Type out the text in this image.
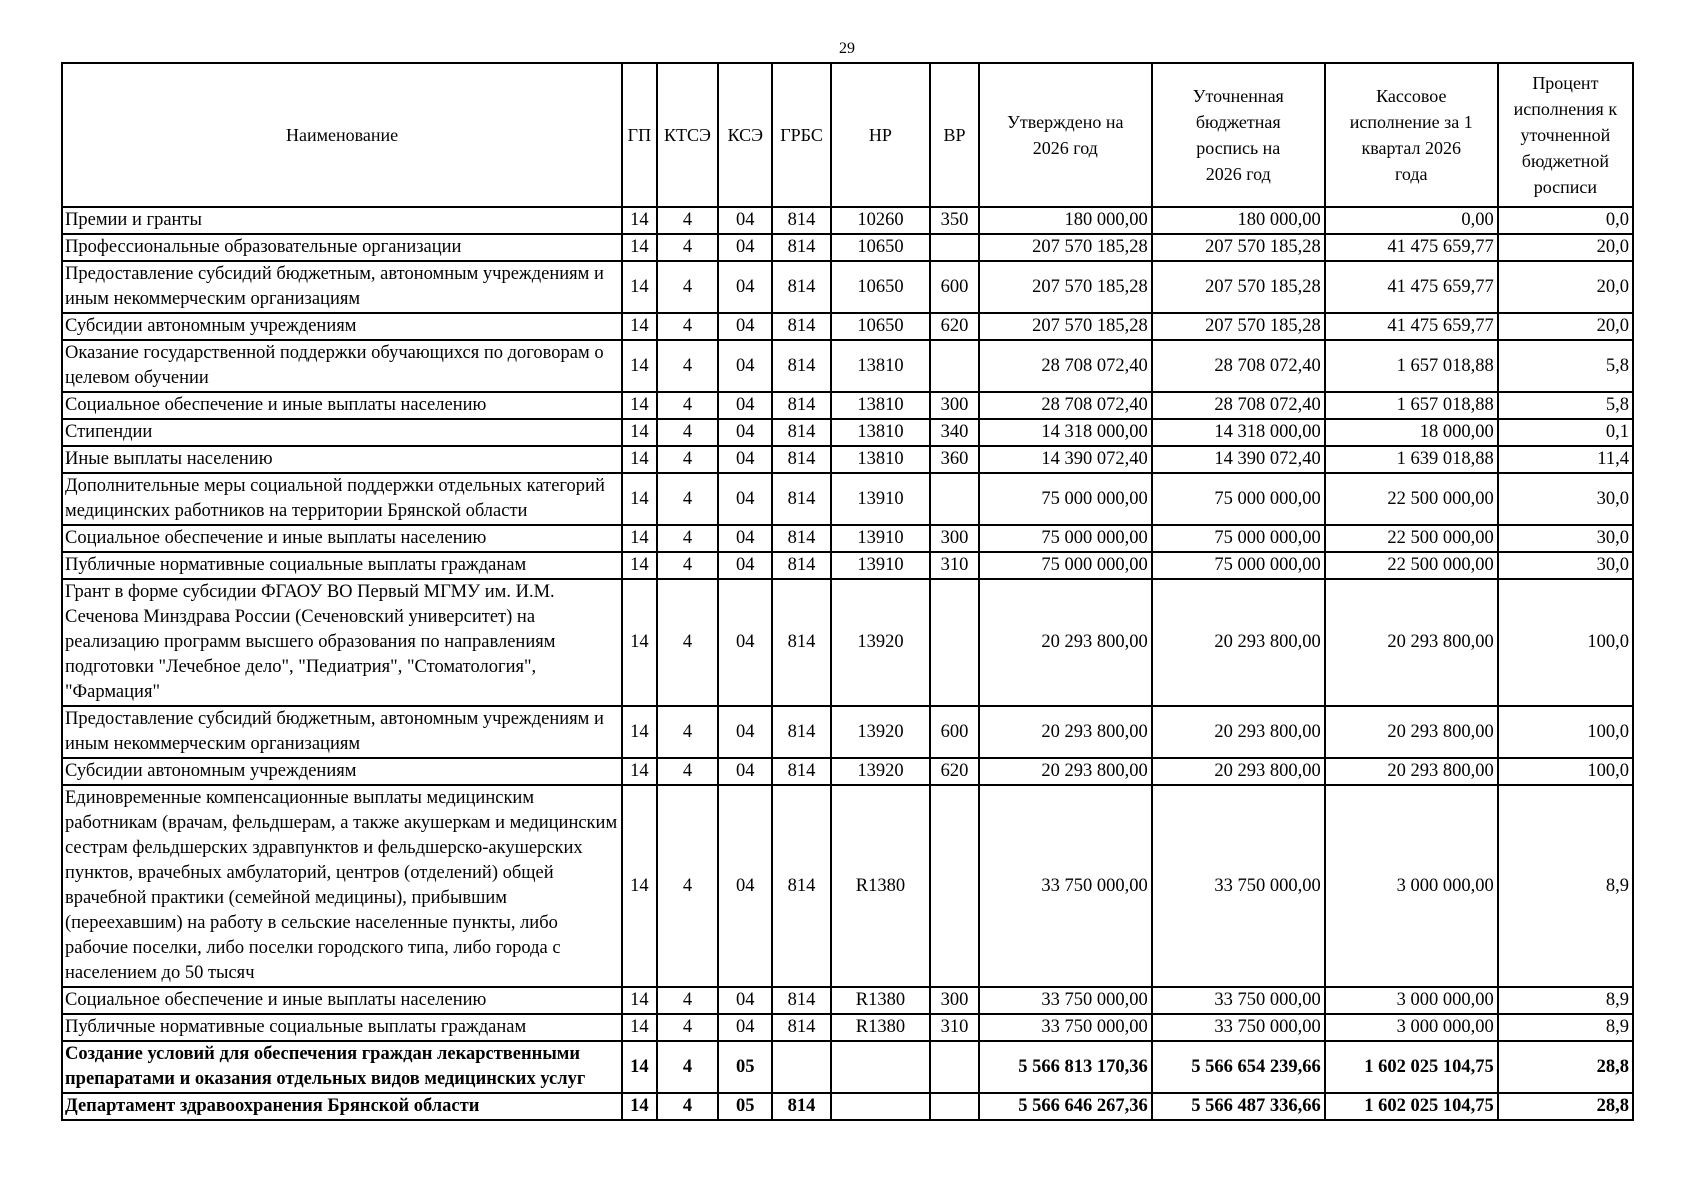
29
Наименование	ГП	КТСЭ	КСЭ	ГРБС	НР	ВР	Утверждено на 2026 год	Уточненная бюджетная роспись на 2026 год	Кассовое исполнение за 1 квартал 2026 года	Процент исполнения к уточненной бюджетной росписи
Премии и гранты	14	4	04	814	10260	350	180 000,00	180 000,00	0,00	0,0
Профессиональные образовательные организации	14	4	04	814	10650		207 570 185,28	207 570 185,28	41 475 659,77	20,0
Предоставление субсидий бюджетным, автономным учреждениям и иным некоммерческим организациям	14	4	04	814	10650	600	207 570 185,28	207 570 185,28	41 475 659,77	20,0
Субсидии автономным учреждениям	14	4	04	814	10650	620	207 570 185,28	207 570 185,28	41 475 659,77	20,0
Оказание государственной поддержки обучающихся по договорам о целевом обучении	14	4	04	814	13810		28 708 072,40	28 708 072,40	1 657 018,88	5,8
Социальное обеспечение и иные выплаты населению	14	4	04	814	13810	300	28 708 072,40	28 708 072,40	1 657 018,88	5,8
Стипендии	14	4	04	814	13810	340	14 318 000,00	14 318 000,00	18 000,00	0,1
Иные выплаты населению	14	4	04	814	13810	360	14 390 072,40	14 390 072,40	1 639 018,88	11,4
Дополнительные меры социальной поддержки отдельных категорий медицинских работников на территории Брянской области	14	4	04	814	13910		75 000 000,00	75 000 000,00	22 500 000,00	30,0
Социальное обеспечение и иные выплаты населению	14	4	04	814	13910	300	75 000 000,00	75 000 000,00	22 500 000,00	30,0
Публичные нормативные социальные выплаты гражданам	14	4	04	814	13910	310	75 000 000,00	75 000 000,00	22 500 000,00	30,0
Грант в форме субсидии ФГАОУ ВО Первый МГМУ им. И.М. Сеченова Минздрава России (Сеченовский университет) на реализацию программ высшего образования по направлениям подготовки "Лечебное дело", "Педиатрия", "Стоматология", "Фармация"	14	4	04	814	13920		20 293 800,00	20 293 800,00	20 293 800,00	100,0
Предоставление субсидий бюджетным, автономным учреждениям и иным некоммерческим организациям	14	4	04	814	13920	600	20 293 800,00	20 293 800,00	20 293 800,00	100,0
Субсидии автономным учреждениям	14	4	04	814	13920	620	20 293 800,00	20 293 800,00	20 293 800,00	100,0
Единовременные компенсационные выплаты медицинским работникам (врачам, фельдшерам, а также акушеркам и медицинским сестрам фельдшерских здравпунктов и фельдшерско-акушерских пунктов, врачебных амбулаторий, центров (отделений) общей врачебной практики (семейной медицины), прибывшим (переехавшим) на работу в сельские населенные пункты, либо рабочие поселки, либо поселки городского типа, либо города с населением до 50 тысяч	14	4	04	814	R1380		33 750 000,00	33 750 000,00	3 000 000,00	8,9
Социальное обеспечение и иные выплаты населению	14	4	04	814	R1380	300	33 750 000,00	33 750 000,00	3 000 000,00	8,9
Публичные нормативные социальные выплаты гражданам	14	4	04	814	R1380	310	33 750 000,00	33 750 000,00	3 000 000,00	8,9
Создание условий для обеспечения граждан лекарственными препаратами и оказания отдельных видов медицинских услуг	14	4	05				5 566 813 170,36	5 566 654 239,66	1 602 025 104,75	28,8
Департамент здравоохранения Брянской области	14	4	05	814			5 566 646 267,36	5 566 487 336,66	1 602 025 104,75	28,8
